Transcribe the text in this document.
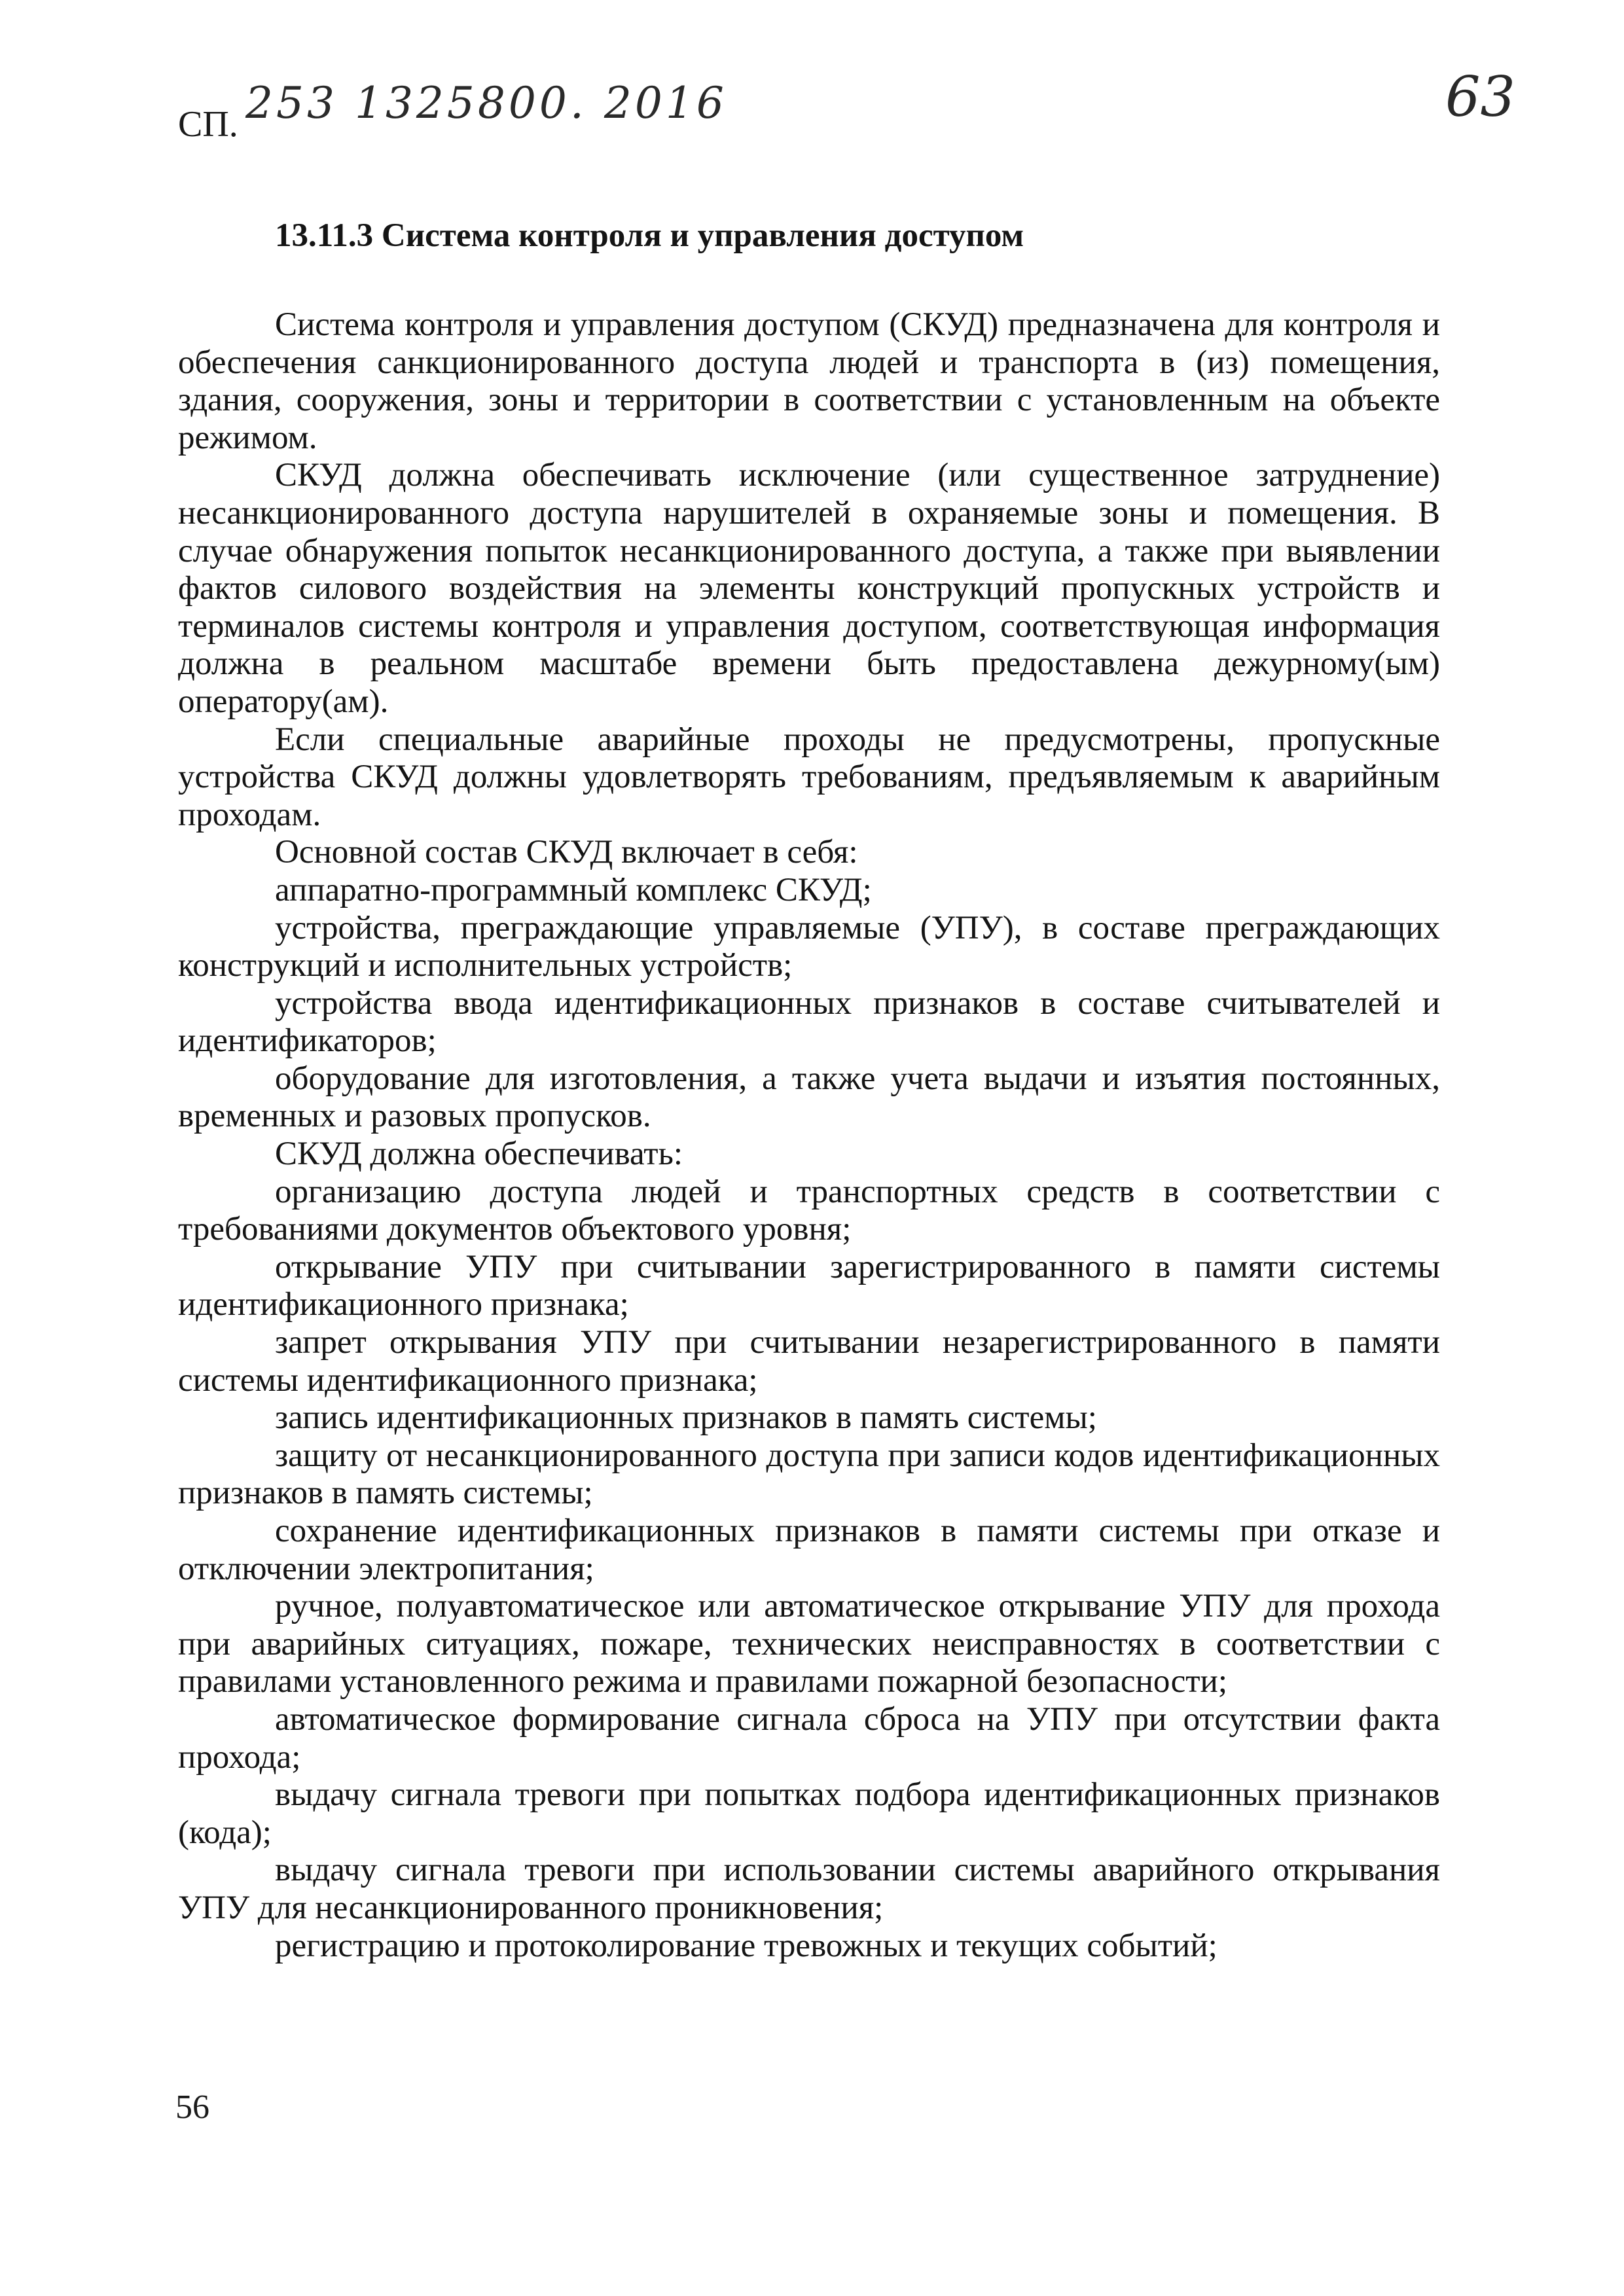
СП. 253 1325800. 2016	63
13.11.3 Система контроля и управления доступом

Система контроля и управления доступом (СКУД) предназначена для контроля и обеспечения санкционированного доступа людей и транспорта в (из) помещения, здания, сооружения, зоны и территории в соответствии с установленным на объекте режимом.

СКУД должна обеспечивать исключение (или существенное затруднение) несанкционированного доступа нарушителей в охраняемые зоны и помещения. В случае обнаружения попыток несанкционированного доступа, а также при выявлении фактов силового воздействия на элементы конструкций пропускных устройств и терминалов системы контроля и управления доступом, соответствующая информация должна в реальном масштабе времени быть предоставлена дежурному(ым) оператору(ам).

Если специальные аварийные проходы не предусмотрены, пропускные устройства СКУД должны удовлетворять требованиям, предъявляемым к аварийным проходам.

Основной состав СКУД включает в себя:

аппаратно-программный комплекс СКУД;

устройства, преграждающие управляемые (УПУ), в составе преграждающих конструкций и исполнительных устройств;

устройства ввода идентификационных признаков в составе считывателей и идентификаторов;

оборудование для изготовления, а также учета выдачи и изъятия постоянных, временных и разовых пропусков.

СКУД должна обеспечивать:

организацию доступа людей и транспортных средств в соответствии с требованиями документов объектового уровня;

открывание УПУ при считывании зарегистрированного в памяти системы идентификационного признака;

запрет открывания УПУ при считывании незарегистрированного в памяти системы идентификационного признака;

запись идентификационных признаков в память системы;

защиту от несанкционированного доступа при записи кодов идентификационных признаков в память системы;

сохранение идентификационных признаков в памяти системы при отказе и отключении электропитания;

ручное, полуавтоматическое или автоматическое открывание УПУ для прохода при аварийных ситуациях, пожаре, технических неисправностях в соответствии с правилами установленного режима и правилами пожарной безопасности;

автоматическое формирование сигнала сброса на УПУ при отсутствии факта прохода;

выдачу сигнала тревоги при попытках подбора идентификационных признаков (кода);

выдачу сигнала тревоги при использовании системы аварийного открывания УПУ для несанкционированного проникновения;

регистрацию и протоколирование тревожных и текущих событий;

56
